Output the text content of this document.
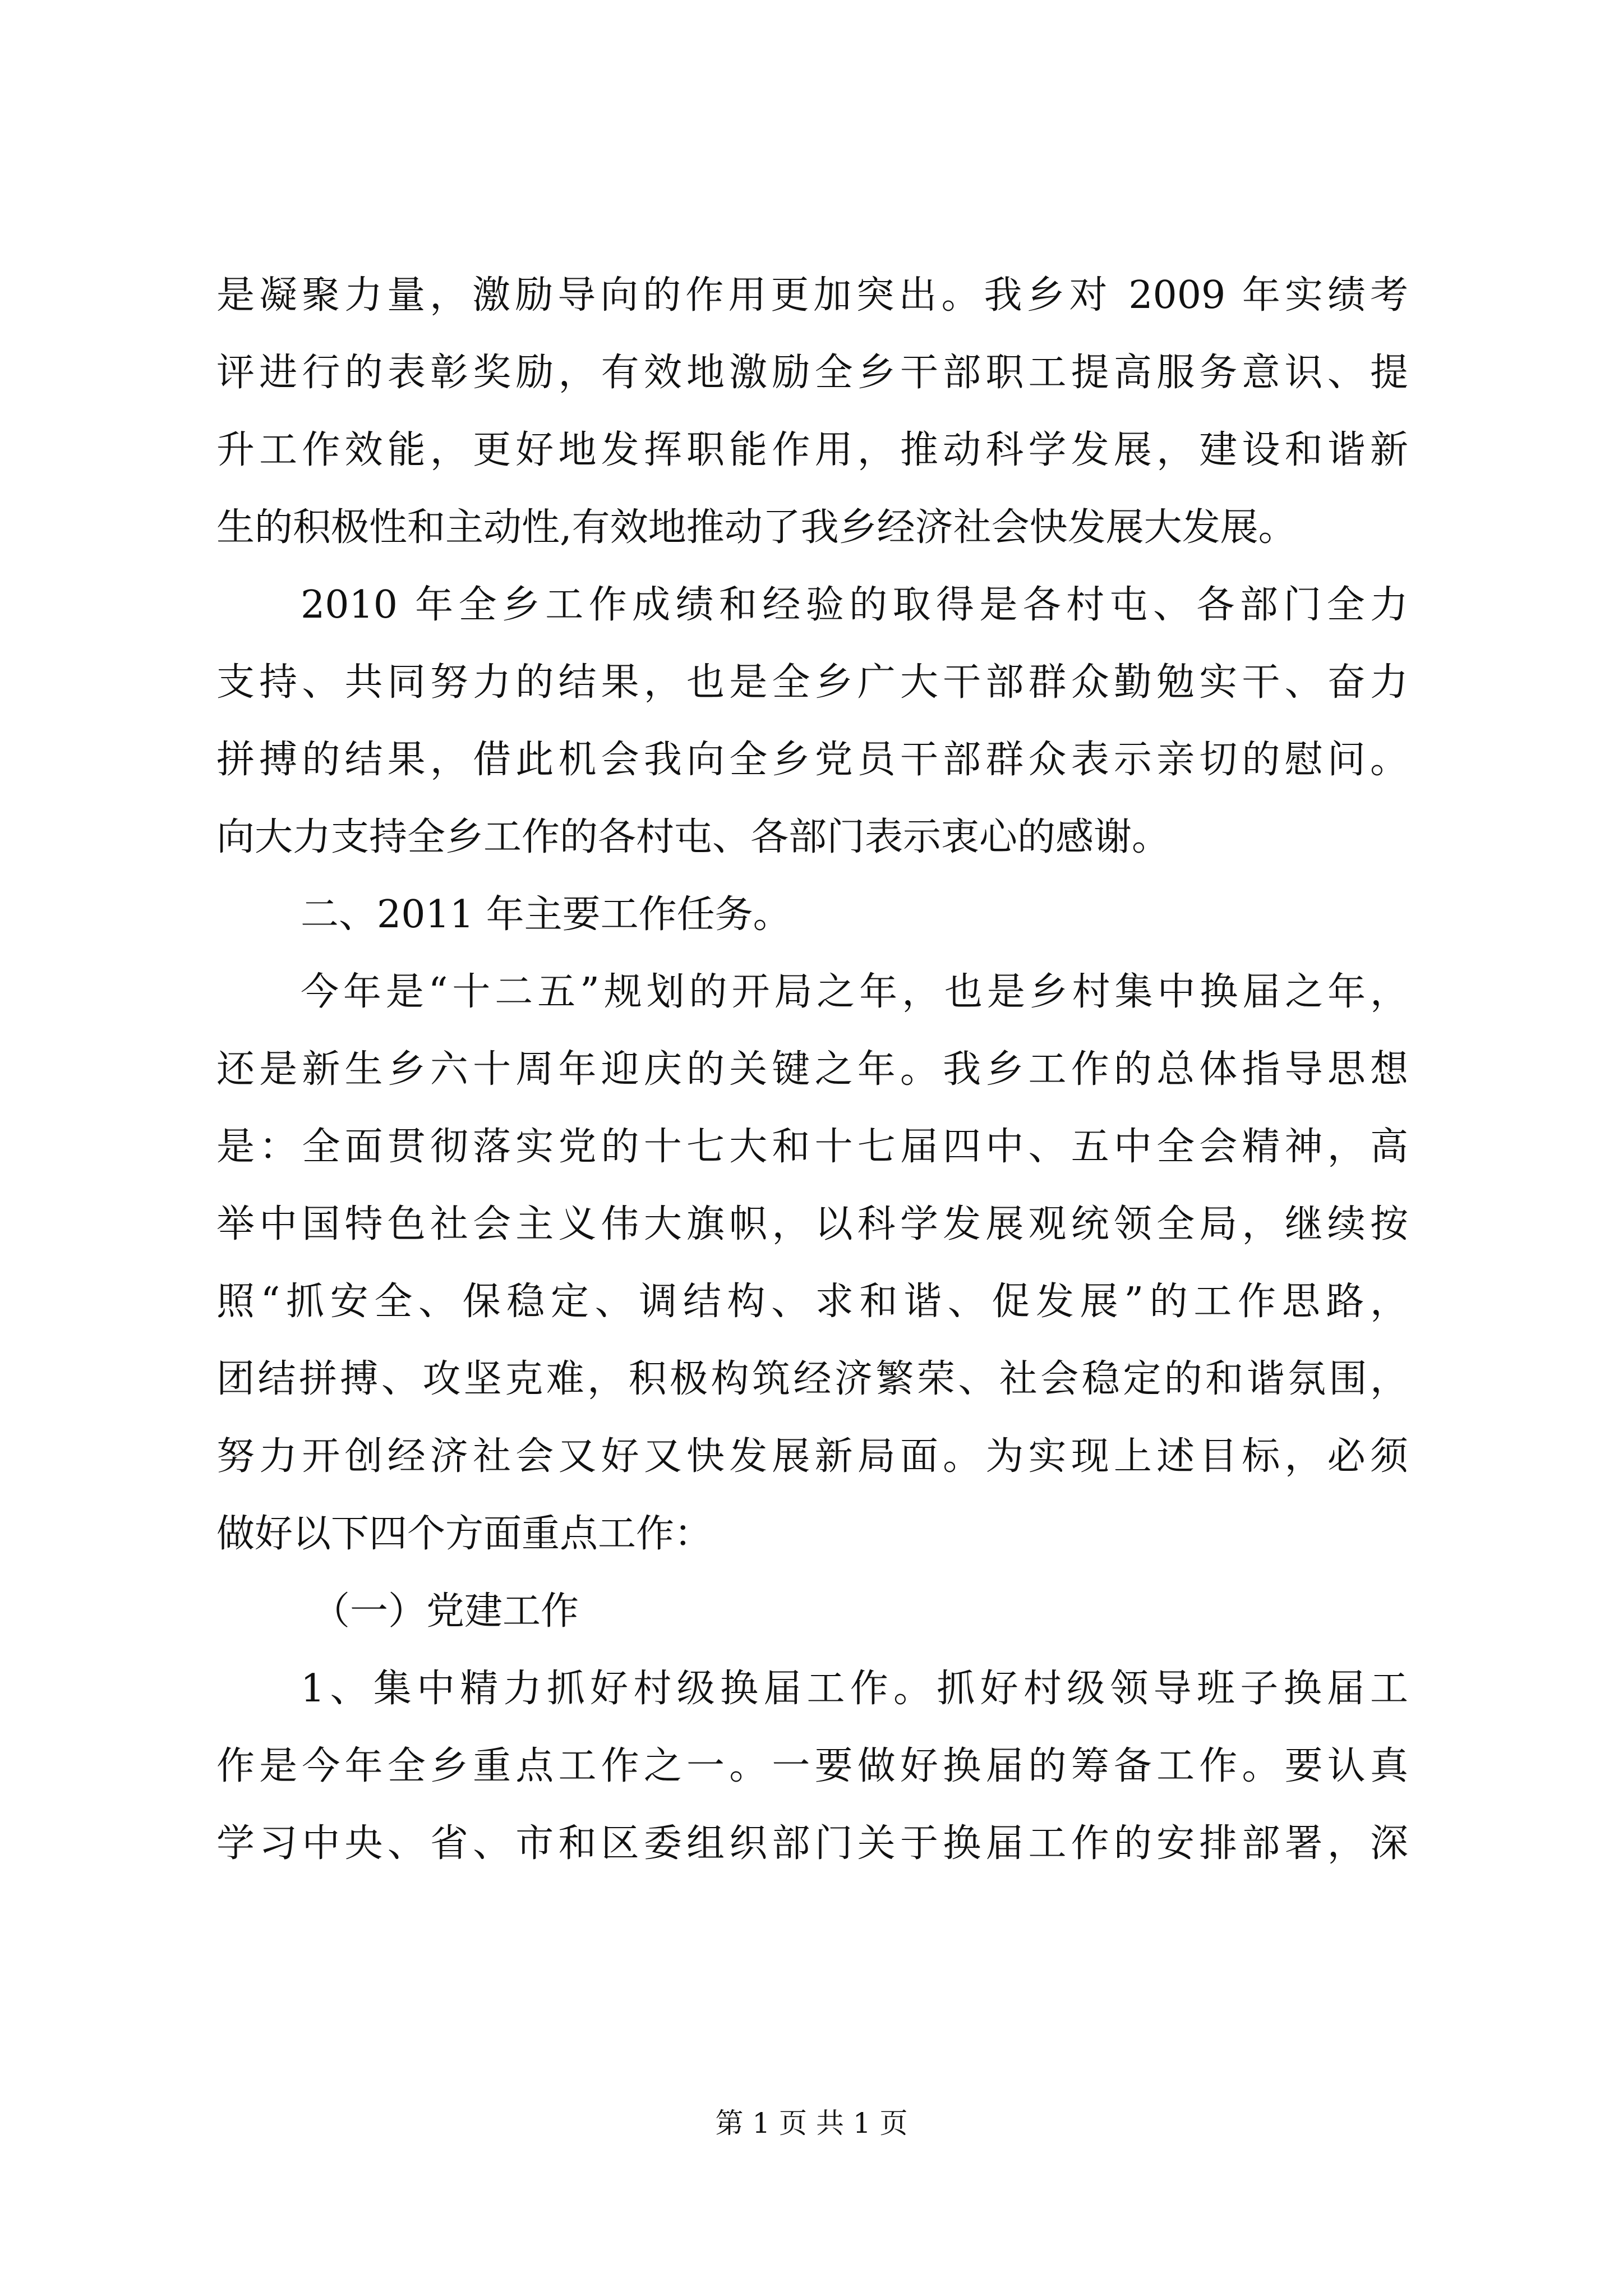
是凝聚力量，激励导向的作用更加突出。我乡对 2009 年实绩考
评进行的表彰奖励，有效地激励全乡干部职工提高服务意识、提
升工作效能，更好地发挥职能作用，推动科学发展，建设和谐新
生的积极性和主动性,有效地推动了我乡经济社会快发展大发展。
2010 年全乡工作成绩和经验的取得是各村屯、各部门全力
支持、共同努力的结果，也是全乡广大干部群众勤勉实干、奋力
拼搏的结果，借此机会我向全乡党员干部群众表示亲切的慰问。
向大力支持全乡工作的各村屯、各部门表示衷心的感谢。
二、2011 年主要工作任务。
今年是“十二五”规划的开局之年，也是乡村集中换届之年，
还是新生乡六十周年迎庆的关键之年。我乡工作的总体指导思想
是：全面贯彻落实党的十七大和十七届四中、五中全会精神，高
举中国特色社会主义伟大旗帜，以科学发展观统领全局，继续按
照“抓安全、保稳定、调结构、求和谐、促发展”的工作思路，
团结拼搏、攻坚克难，积极构筑经济繁荣、社会稳定的和谐氛围，
努力开创经济社会又好又快发展新局面。为实现上述目标，必须
做好以下四个方面重点工作：
（一）党建工作
1、集中精力抓好村级换届工作。抓好村级领导班子换届工
作是今年全乡重点工作之一。一要做好换届的筹备工作。要认真
学习中央、省、市和区委组织部门关于换届工作的安排部署，深
第 1 页 共 1 页
